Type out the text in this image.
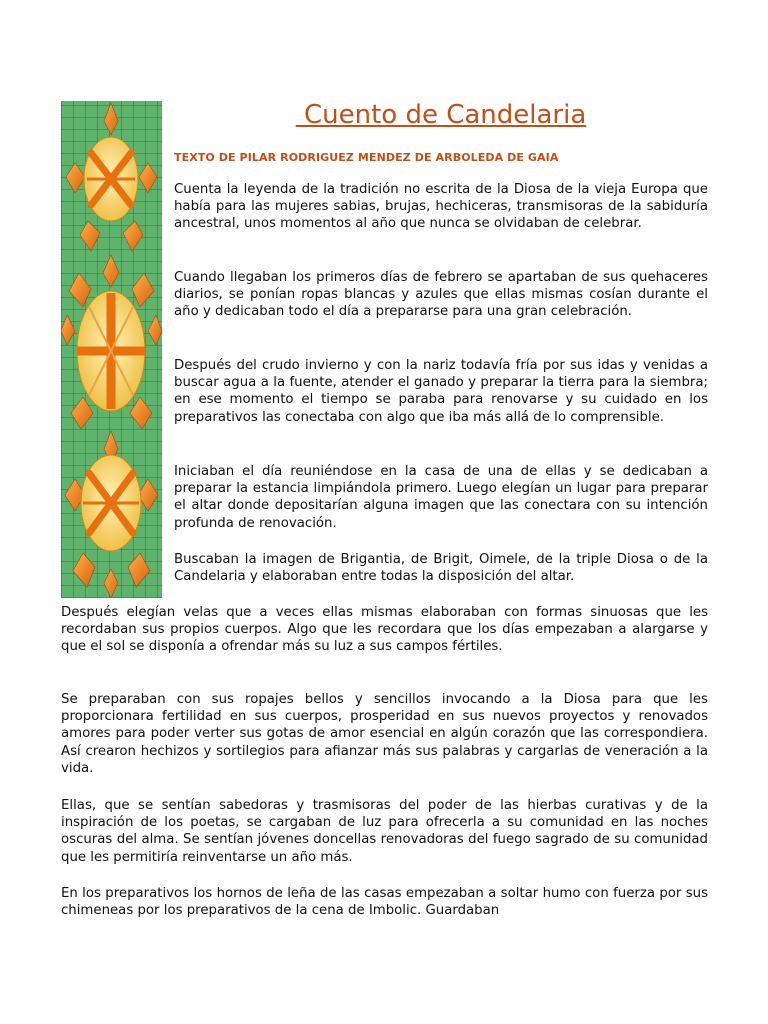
Cuento de Candelaria
TEXTO DE PILAR RODRIGUEZ MENDEZ DE ARBOLEDA DE GAIA

Cuenta la leyenda de la tradición no escrita de la Diosa de la vieja Europa que había para las mujeres sabias, brujas, hechiceras, transmisoras de la sabiduría ancestral, unos momentos al año que nunca se olvidaban de celebrar.

Cuando llegaban los primeros días de febrero se apartaban de sus quehaceres diarios, se ponían ropas blancas y azules que ellas mismas cosían durante el año y dedicaban todo el día a prepararse para una gran celebración.

Después del crudo invierno y con la nariz todavía fría por sus idas y venidas a buscar agua a la fuente, atender el ganado y preparar la tierra para la siembra; en ese momento el tiempo se paraba para renovarse y su cuidado en los preparativos las conectaba con algo que iba más allá de lo comprensible.

Iniciaban el día reuniéndose en la casa de una de ellas y se dedicaban a preparar la estancia limpiándola primero. Luego elegían un lugar para preparar el altar donde depositarían alguna imagen que las conectara con su intención profunda de renovación.

Buscaban la imagen de Brigantia, de Brigit, Oimele, de la triple Diosa o de la Candelaria y elaboraban entre todas la disposición del altar.

Después elegían velas que a veces ellas mismas elaboraban con formas sinuosas que les recordaban sus propios cuerpos. Algo que les recordara que los días empezaban a alargarse y que el sol se disponía a ofrendar más su luz a sus campos fértiles.

Se preparaban con sus ropajes bellos y sencillos invocando a la Diosa para que les proporcionara fertilidad en sus cuerpos, prosperidad en sus nuevos proyectos y renovados amores para poder verter sus gotas de amor esencial en algún corazón que las correspondiera. Así crearon hechizos y sortilegios para afianzar más sus palabras y cargarlas de veneración a la vida.

Ellas, que se sentían sabedoras y trasmisoras del poder de las hierbas curativas y de la inspiración de los poetas, se cargaban de luz para ofrecerla a su comunidad en las noches oscuras del alma. Se sentían jóvenes doncellas renovadoras del fuego sagrado de su comunidad que les permitiría reinventarse un año más.

En los preparativos los hornos de leña de las casas empezaban a soltar humo con fuerza por sus chimeneas por los preparativos de la cena de Imbolic. Guardaban
